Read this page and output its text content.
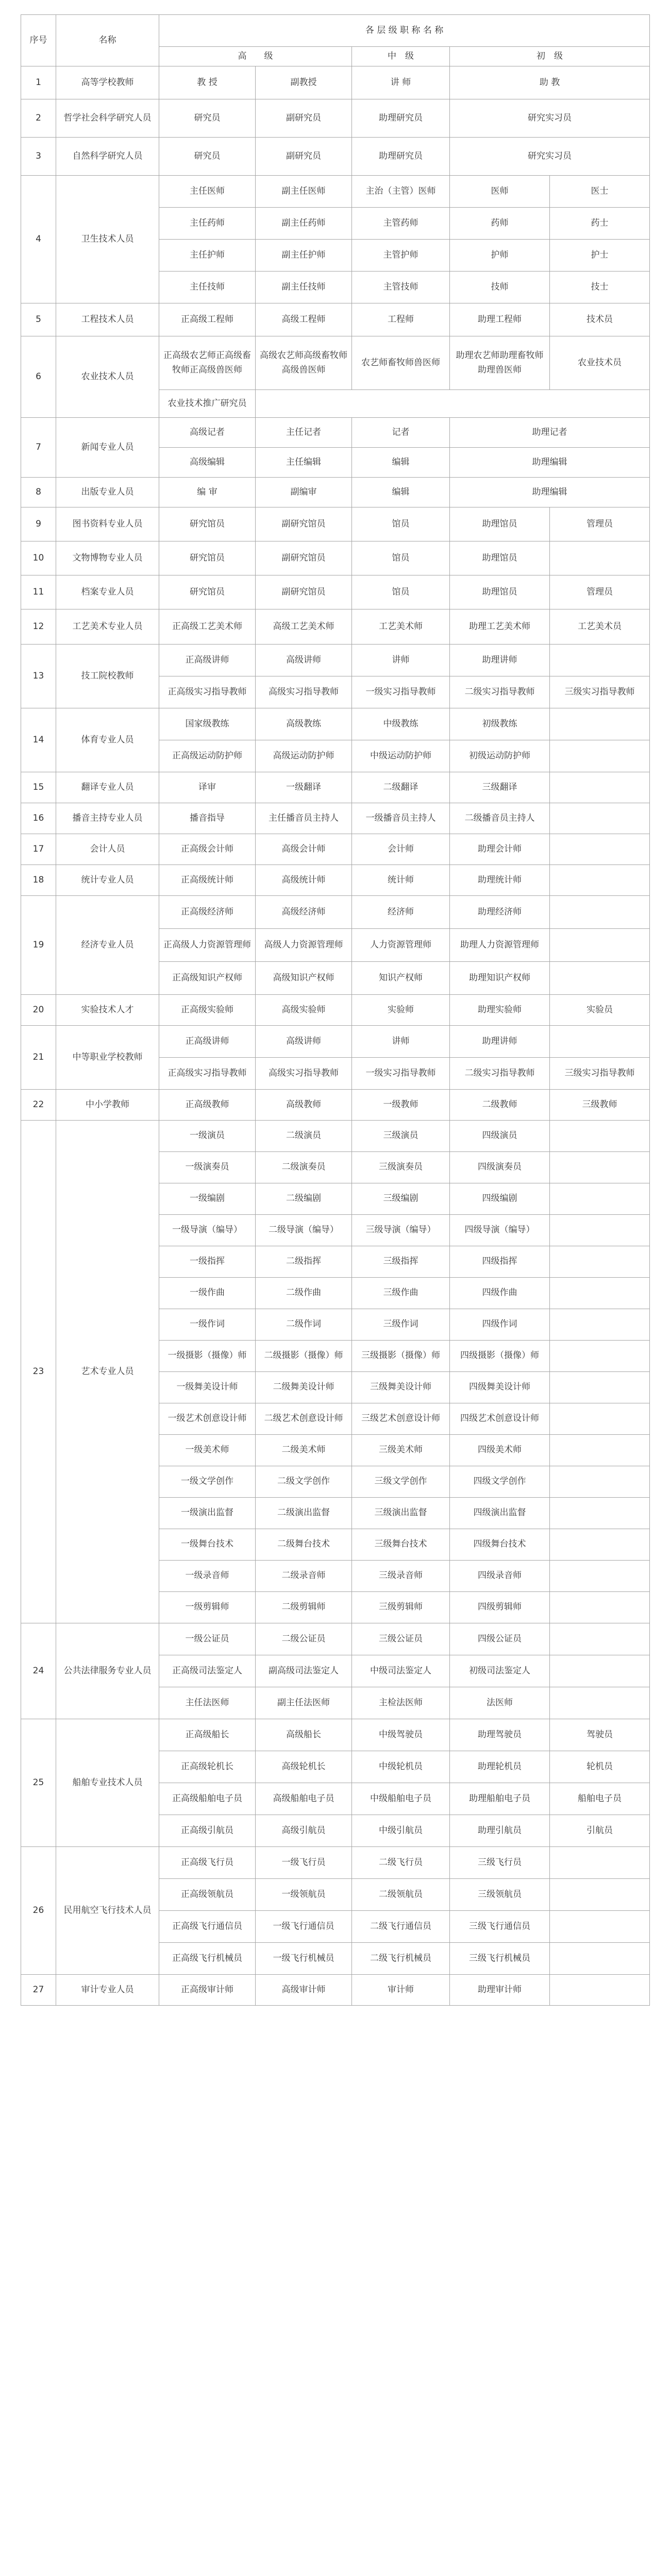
序号	名称	各 层 级 职 称 名 称				
		高　　级		中　级	初　级	
1	高等学校教师	教 授	副教授	讲 师	助 教	
2	哲学社会科学研究人员	研究员	副研究员	助理研究员	研究实习员	
3	自然科学研究人员	研究员	副研究员	助理研究员	研究实习员	
4	卫生技术人员	主任医师	副主任医师	主治（主管）医师	医师	医士
		主任药师	副主任药师	主管药师	药师	药士
		主任护师	副主任护师	主管护师	护师	护士
		主任技师	副主任技师	主管技师	技师	技士
5	工程技术人员	正高级工程师	高级工程师	工程师	助理工程师	技术员
6	农业技术人员	正高级农艺师正高级畜牧师正高级兽医师	高级农艺师高级畜牧师高级兽医师	农艺师畜牧师兽医师	助理农艺师助理畜牧师助理兽医师	农业技术员
		农业技术推广研究员				
7	新闻专业人员	高级记者	主任记者	记者	助理记者	
		高级编辑	主任编辑	编辑	助理编辑	
8	出版专业人员	编 审	副编审	编辑	助理编辑	
9	图书资料专业人员	研究馆员	副研究馆员	馆员	助理馆员	管理员
10	文物博物专业人员	研究馆员	副研究馆员	馆员	助理馆员	
11	档案专业人员	研究馆员	副研究馆员	馆员	助理馆员	管理员
12	工艺美术专业人员	正高级工艺美术师	高级工艺美术师	工艺美术师	助理工艺美术师	工艺美术员
13	技工院校教师	正高级讲师	高级讲师	讲师	助理讲师	
		正高级实习指导教师	高级实习指导教师	一级实习指导教师	二级实习指导教师	三级实习指导教师
14	体育专业人员	国家级教练	高级教练	中级教练	初级教练	
		正高级运动防护师	高级运动防护师	中级运动防护师	初级运动防护师	
15	翻译专业人员	译审	一级翻译	二级翻译	三级翻译	
16	播音主持专业人员	播音指导	主任播音员主持人	一级播音员主持人	二级播音员主持人	
17	会计人员	正高级会计师	高级会计师	会计师	助理会计师	
18	统计专业人员	正高级统计师	高级统计师	统计师	助理统计师	
19	经济专业人员	正高级经济师	高级经济师	经济师	助理经济师	
		正高级人力资源管理师	高级人力资源管理师	人力资源管理师	助理人力资源管理师	
		正高级知识产权师	高级知识产权师	知识产权师	助理知识产权师	
20	实验技术人才	正高级实验师	高级实验师	实验师	助理实验师	实验员
21	中等职业学校教师	正高级讲师	高级讲师	讲师	助理讲师	
		正高级实习指导教师	高级实习指导教师	一级实习指导教师	二级实习指导教师	三级实习指导教师
22	中小学教师	正高级教师	高级教师	一级教师	二级教师	三级教师
23	艺术专业人员	一级演员	二级演员	三级演员	四级演员	
		一级演奏员	二级演奏员	三级演奏员	四级演奏员	
		一级编剧	二级编剧	三级编剧	四级编剧	
		一级导演（编导）	二级导演（编导）	三级导演（编导）	四级导演（编导）	
		一级指挥	二级指挥	三级指挥	四级指挥	
		一级作曲	二级作曲	三级作曲	四级作曲	
		一级作词	二级作词	三级作词	四级作词	
		一级摄影（摄像）师	二级摄影（摄像）师	三级摄影（摄像）师	四级摄影（摄像）师	
		一级舞美设计师	二级舞美设计师	三级舞美设计师	四级舞美设计师	
		一级艺术创意设计师	二级艺术创意设计师	三级艺术创意设计师	四级艺术创意设计师	
		一级美术师	二级美术师	三级美术师	四级美术师	
		一级文学创作	二级文学创作	三级文学创作	四级文学创作	
		一级演出监督	二级演出监督	三级演出监督	四级演出监督	
		一级舞台技术	二级舞台技术	三级舞台技术	四级舞台技术	
		一级录音师	二级录音师	三级录音师	四级录音师	
		一级剪辑师	二级剪辑师	三级剪辑师	四级剪辑师	
24	公共法律服务专业人员	一级公证员	二级公证员	三级公证员	四级公证员	
		正高级司法鉴定人	副高级司法鉴定人	中级司法鉴定人	初级司法鉴定人	
		主任法医师	副主任法医师	主检法医师	法医师	
25	船舶专业技术人员	正高级船长	高级船长	中级驾驶员	助理驾驶员	驾驶员
		正高级轮机长	高级轮机长	中级轮机员	助理轮机员	轮机员
		正高级船舶电子员	高级船舶电子员	中级船舶电子员	助理船舶电子员	船舶电子员
		正高级引航员	高级引航员	中级引航员	助理引航员	引航员
26	民用航空飞行技术人员	正高级飞行员	一级飞行员	二级飞行员	三级飞行员	
		正高级领航员	一级领航员	二级领航员	三级领航员	
		正高级飞行通信员	一级飞行通信员	二级飞行通信员	三级飞行通信员	
		正高级飞行机械员	一级飞行机械员	二级飞行机械员	三级飞行机械员	
27	审计专业人员	正高级审计师	高级审计师	审计师	助理审计师	
